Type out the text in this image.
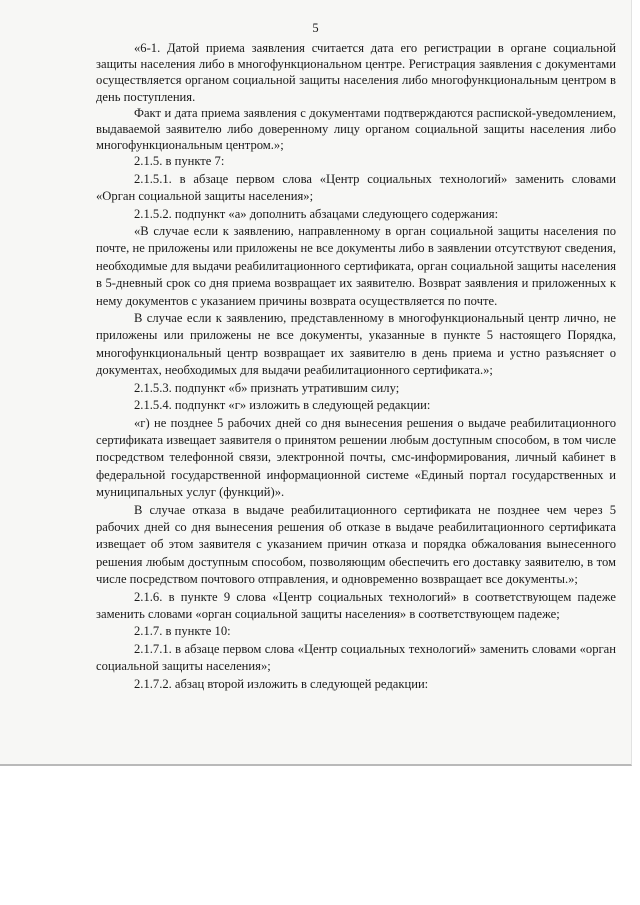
5

«6-1. Датой приема заявления считается дата его регистрации в органе социальной защиты населения либо в многофункциональном центре. Регистрация заявления с документами осуществляется органом социальной защиты населения либо многофункциональным центром в день поступления.

Факт и дата приема заявления с документами подтверждаются распиской-уведомлением, выдаваемой заявителю либо доверенному лицу органом социальной защиты населения либо многофункциональным центром.»;

2.1.5. в пункте 7:

2.1.5.1. в абзаце первом слова «Центр социальных технологий» заменить словами «Орган социальной защиты населения»;

2.1.5.2. подпункт «а» дополнить абзацами следующего содержания:

«В случае если к заявлению, направленному в орган социальной защиты населения по почте, не приложены или приложены не все документы либо в заявлении отсутствуют сведения, необходимые для выдачи реабилитационного сертификата, орган социальной защиты населения в 5-дневный срок со дня приема возвращает их заявителю. Возврат заявления и приложенных к нему документов с указанием причины возврата осуществляется по почте.

В случае если к заявлению, представленному в многофункциональный центр лично, не приложены или приложены не все документы, указанные в пункте 5 настоящего Порядка, многофункциональный центр возвращает их заявителю в день приема и устно разъясняет о документах, необходимых для выдачи реабилитационного сертификата.»;

2.1.5.3. подпункт «б» признать утратившим силу;

2.1.5.4. подпункт «г» изложить в следующей редакции:

«г) не позднее 5 рабочих дней со дня вынесения решения о выдаче реабилитационного сертификата извещает заявителя о принятом решении любым доступным способом, в том числе посредством телефонной связи, электронной почты, смс-информирования, личный кабинет в федеральной государственной информационной системе «Единый портал государственных и муниципальных услуг (функций)».

В случае отказа в выдаче реабилитационного сертификата не позднее чем через 5 рабочих дней со дня вынесения решения об отказе в выдаче реабилитационного сертификата извещает об этом заявителя с указанием причин отказа и порядка обжалования вынесенного решения любым доступным способом, позволяющим обеспечить его доставку заявителю, в том числе посредством почтового отправления, и одновременно возвращает все документы.»;

2.1.6. в пункте 9 слова «Центр социальных технологий» в соответствующем падеже заменить словами «орган социальной защиты населения» в соответствующем падеже;

2.1.7. в пункте 10:

2.1.7.1. в абзаце первом слова «Центр социальных технологий» заменить словами «орган социальной защиты населения»;

2.1.7.2. абзац второй изложить в следующей редакции:
